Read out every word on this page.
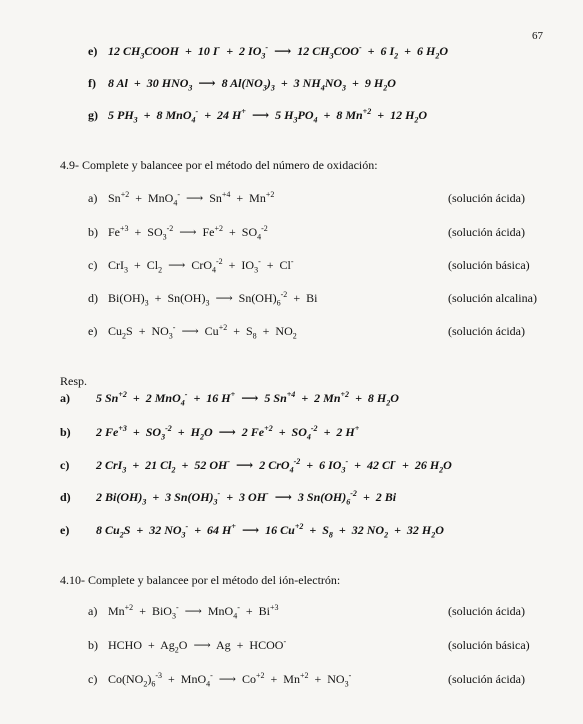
67
e) 12 $CH_3COOH + 10$ I-  +  2 $IO_3^-$  ⟶  12 $CH_3COO^- + 6$ $I_2 + 6$ $H_2O$
f) 8 Al  +  30 $HNO_3$  ⟶  8 $Al(NO_3)_3 + 3$ $NH_4NO_3 + 9$ $H_2O$
g) 5 $PH_3 + 8$ MnO$_4$-  +  24 H+  ⟶  5 $H_3PO_4 + 8$ $Mn^{+2} + 12$ $H_2O$
4.9- Complete y balancee por el método del número de oxidación:
a) $Sn^{+2} + MnO_4^-$  ⟶  $Sn^{+4} + Mn^{+2}$	(solución ácida)
b) $Fe^{+3} + SO_3^{-2}$  ⟶  $Fe^{+2} + SO_4^{-2}$	(solución ácida)
c) $CrI_3 + Cl_2$  ⟶  $CrO_4^{-2} + IO_3^- + Cl^-$	(solución básica)
d) $Bi(OH)_3 + Sn(OH)_3$  ⟶  $Sn(OH)_6^{-2} + Bi$	(solución alcalina)
e) $Cu_2S + NO_3^-$  ⟶  $Cu^{+2} + S_8 + NO_2$	(solución ácida)
Resp.
a) 5 $Sn^{+2} + 2$ MnO$_4$-  +  16 H+  ⟶  5 $Sn^{+4} + 2$ $Mn^{+2} + 8$ $H_2O$
b) 2 $Fe^{+3} + SO_3^{-2} + H_2O$  ⟶  2 $Fe^{+2} + SO_4^{-2} + 2$ H+
c) 2 CrI$_3$  +  21 $Cl_2 + 52$ OH-  ⟶  2 CrO$_4^{-2}$  +  6 $IO_3^- + 42$ Cl-  +  26 $H_2O$
d) 2 $Bi(OH)_3 + 3$ $Sn(OH)_3^- + 3$ OH-  ⟶  3 $Sn(OH)_6^{-2} + 2$ Bi
e) 8 $Cu_2S + 32$ $NO_3^- + 64$ H+  ⟶  16 $Cu^{+2} + S_8 + 32$ $NO_2 + 32$ $H_2O$
4.10- Complete y balancee por el método del ión-electrón:
a) $Mn^{+2} + BiO_3^-$  ⟶  $MnO_4^- + Bi^{+3}$	(solución ácida)
b) HCHO  +  $Ag_2O$  ⟶  Ag  +  HCOO-	(solución básica)
c) $Co(NO_2)_6^{-3} + MnO_4^-$  ⟶  $Co^{+2} + Mn^{+2} + NO_3^-$	(solución ácida)
